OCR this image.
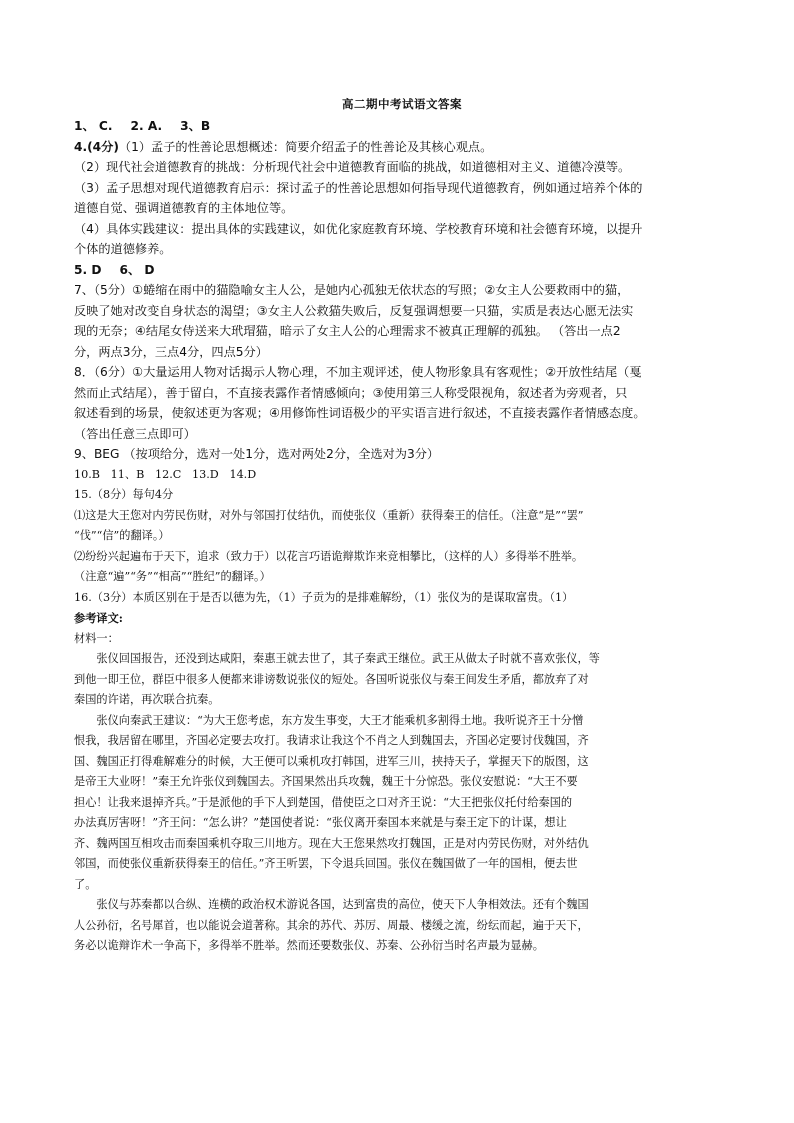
高二期中考试语文答案

1、 C. 2. A. 3、B

4.(4分)（1）孟子的性善论思想概述：简要介绍孟子的性善论及其核心观点。

（2）现代社会道德教育的挑战：分析现代社会中道德教育面临的挑战，如道德相对主义、道德冷漠等。

（3）孟子思想对现代道德教育启示：探讨孟子的性善论思想如何指导现代道德教育，例如通过培养个体的

道德自觉、强调道德教育的主体地位等。

（4）具体实践建议：提出具体的实践建议，如优化家庭教育环境、学校教育环境和社会德育环境，以提升

个体的道德修养。

5. D 6、 D

7、（5分）①蜷缩在雨中的猫隐喻女主人公，是她内心孤独无依状态的写照；②女主人公要救雨中的猫，

反映了她对改变自身状态的渴望；③女主人公救猫失败后，反复强调想要一只猫，实质是表达心愿无法实

现的无奈；④结尾女侍送来大玳瑁猫，暗示了女主人公的心理需求不被真正理解的孤独。 （答出一点2

分，两点3分，三点4分，四点5分）

8．（6分）①大量运用人物对话揭示人物心理，不加主观评述，使人物形象具有客观性；②开放性结尾（戛

然而止式结尾），善于留白，不直接表露作者情感倾向；③使用第三人称受限视角，叙述者为旁观者，只

叙述看到的场景，使叙述更为客观；④用修饰性词语极少的平实语言进行叙述，不直接表露作者情感态度。

（答出任意三点即可）

9、BEG （按项给分，选对一处1分，选对两处2分，全选对为3分）

10.B   11、B   12.C   13.D   14.D

15.（8分）每句4分

⑴这是大王您对内劳民伤财，对外与邻国打仗结仇，而使张仪（重新）获得秦王的信任。（注意“是”“罢”

“伐”“信”的翻译。）

⑵纷纷兴起遍布于天下，追求（致力于）以花言巧语诡辩欺诈来竞相攀比，（这样的人）多得举不胜举。

（注意“遍”“务”“相高”“胜纪”的翻译。）

16.（3分）本质区别在于是否以德为先，（1）子贡为的是排难解纷，（1）张仪为的是谋取富贵。（1）

参考译文:

材料一：

张仪回国报告，还没到达咸阳，秦惠王就去世了，其子秦武王继位。武王从做太子时就不喜欢张仪，等

到他一即王位，群臣中很多人便都来诽谤数说张仪的短处。各国听说张仪与秦王间发生矛盾，都放弃了对

秦国的许诺，再次联合抗秦。

张仪向秦武王建议：“为大王您考虑，东方发生事变，大王才能乘机多割得土地。我听说齐王十分憎

恨我，我居留在哪里，齐国必定要去攻打。我请求让我这个不肖之人到魏国去，齐国必定要讨伐魏国，齐

国、魏国正打得难解难分的时候，大王便可以乘机攻打韩国，进军三川，挟持天子，掌握天下的版图，这

是帝王大业呀！”秦王允许张仪到魏国去。齐国果然出兵攻魏，魏王十分惊恐。张仪安慰说：“大王不要

担心！让我来退掉齐兵。”于是派他的手下人到楚国，借使臣之口对齐王说：“大王把张仪托付给秦国的

办法真厉害呀！”齐王问：“怎么讲？”楚国使者说：“张仪离开秦国本来就是与秦王定下的计谋，想让

齐、魏两国互相攻击而秦国乘机夺取三川地方。现在大王您果然攻打魏国，正是对内劳民伤财，对外结仇

邻国，而使张仪重新获得秦王的信任。”齐王听罢，下令退兵回国。张仪在魏国做了一年的国相，便去世

了。

张仪与苏秦都以合纵、连横的政治权术游说各国，达到富贵的高位，使天下人争相效法。还有个魏国

人公孙衍，名号犀首，也以能说会道著称。其余的苏代、苏厉、周最、楼缓之流，纷纭而起，遍于天下，

务必以诡辩诈术一争高下，多得举不胜举。然而还要数张仪、苏秦、公孙衍当时名声最为显赫。
